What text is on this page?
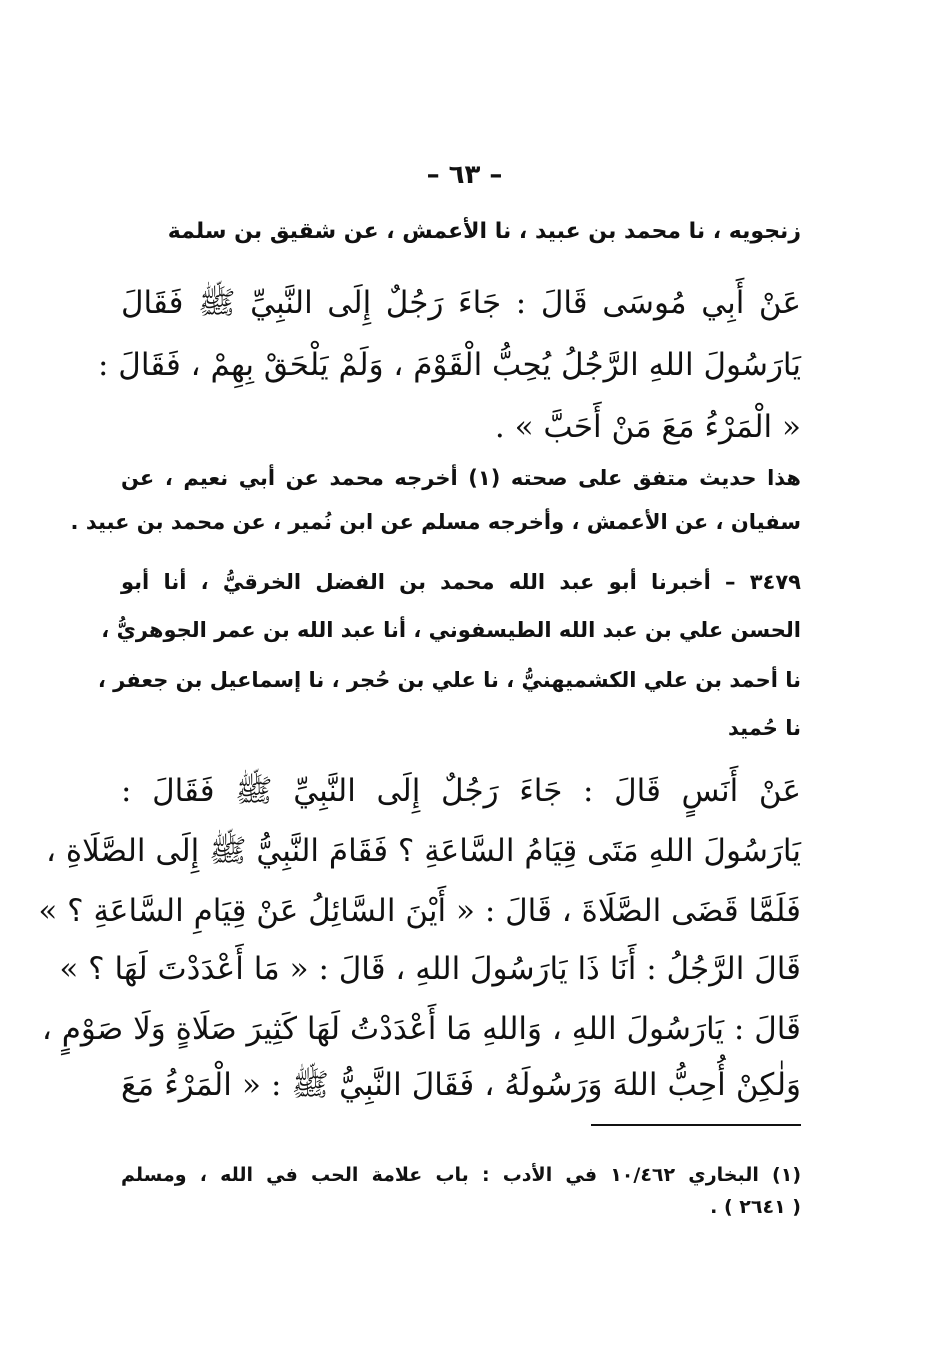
– ٦٣ –
زنجويه ، نا محمد بن عبيد ، نا الأعمش ، عن شقيق بن سلمة
عَنْ أَبِي مُوسَى قَالَ : جَاءَ رَجُلٌ إِلَى النَّبِيِّ ﷺ فَقَالَ
يَارَسُولَ اللهِ الرَّجُلُ يُحِبُّ الْقَوْمَ ، وَلَمْ يَلْحَقْ بِهِمْ ، فَقَالَ :
« الْمَرْءُ مَعَ مَنْ أَحَبَّ » .
هذا حديث متفق على صحته (١) أخرجه محمد عن أبي نعيم ، عن
سفيان ، عن الأعمش ، وأخرجه مسلم عن ابن نُمير ، عن محمد بن عبيد .
٣٤٧٩ – أخبرنا أبو عبد الله محمد بن الفضل الخرقيُّ ، أنا أبو
الحسن علي بن عبد الله الطيسفوني ، أنا عبد الله بن عمر الجوهريُّ ،
نا أحمد بن علي الكشميهنيُّ ، نا علي بن حُجر ، نا إسماعيل بن جعفر ،
نا حُميد
عَنْ أَنَسٍ قَالَ : جَاءَ رَجُلٌ إِلَى النَّبِيِّ ﷺ فَقَالَ :
يَارَسُولَ اللهِ مَتَى قِيَامُ السَّاعَةِ ؟ فَقَامَ النَّبِيُّ ﷺ إِلَى الصَّلَاةِ ،
فَلَمَّا قَضَى الصَّلَاةَ ، قَالَ : « أَيْنَ السَّائِلُ عَنْ قِيَامِ السَّاعَةِ ؟ »
قَالَ الرَّجُلُ : أَنَا ذَا يَارَسُولَ اللهِ ، قَالَ : « مَا أَعْدَدْتَ لَهَا ؟ »
قَالَ : يَارَسُولَ اللهِ ، وَاللهِ مَا أَعْدَدْتُ لَهَا كَثِيرَ صَلَاةٍ وَلَا صَوْمٍ ،
وَلٰكِنْ أُحِبُّ اللهَ وَرَسُولَهُ ، فَقَالَ النَّبِيُّ ﷺ : « الْمَرْءُ مَعَ
(١) البخاري ١٠/٤٦٢ في الأدب : باب علامة الحب في الله ، ومسلم
( ٢٦٤١ ) .
